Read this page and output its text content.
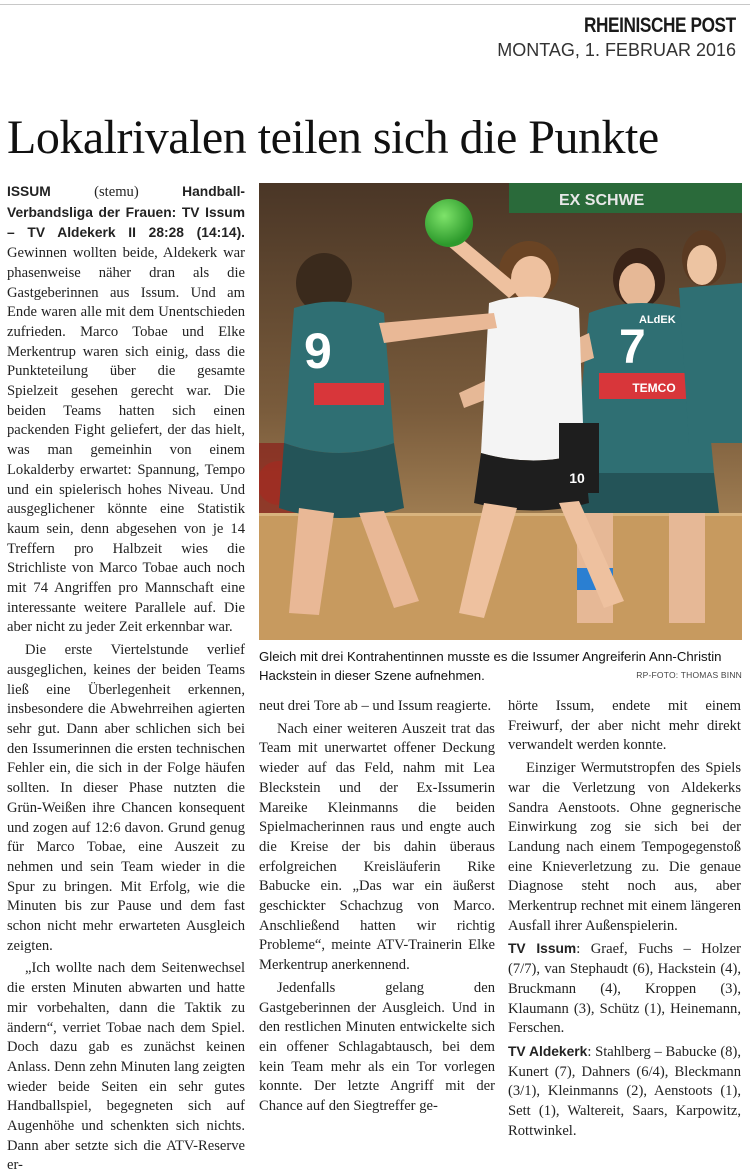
RHEINISCHE POST
MONTAG, 1. FEBRUAR 2016
Lokalrivalen teilen sich die Punkte

ISSUM (stemu) Handball-Verbandsliga der Frauen: TV Issum – TV Aldekerk II 28:28 (14:14). Gewinnen wollten beide, Aldekerk war phasenweise näher dran als die Gastgeberinnen aus Issum. Und am Ende waren alle mit dem Unentschieden zufrieden. Marco Tobae und Elke Merkentrup waren sich einig, dass die Punkteteilung über die gesamte Spielzeit gesehen gerecht war. Die beiden Teams hatten sich einen packenden Fight geliefert, der das hielt, was man gemeinhin von einem Lokalderby erwartet: Spannung, Tempo und ein spielerisch hohes Niveau. Und ausgeglichener könnte eine Statistik kaum sein, denn abgesehen von je 14 Treffern pro Halbzeit wies die Strichliste von Marco Tobae auch noch mit 74 Angriffen pro Mannschaft eine interessante weitere Parallele auf. Die aber nicht zu jeder Zeit erkennbar war.

Die erste Viertelstunde verlief ausgeglichen, keines der beiden Teams ließ eine Überlegenheit erkennen, insbesondere die Abwehrreihen agierten sehr gut. Dann aber schlichen sich bei den Issumerinnen die ersten technischen Fehler ein, die sich in der Folge häufen sollten. In dieser Phase nutzten die Grün-Weißen ihre Chancen konsequent und zogen auf 12:6 davon. Grund genug für Marco Tobae, eine Auszeit zu nehmen und sein Team wieder in die Spur zu bringen. Mit Erfolg, wie die Minuten bis zur Pause und dem fast schon nicht mehr erwarteten Ausgleich zeigten.

„Ich wollte nach dem Seitenwechsel die ersten Minuten abwarten und hatte mir vorbehalten, dann die Taktik zu ändern“, verriet Tobae nach dem Spiel. Doch dazu gab es zunächst keinen Anlass. Denn zehn Minuten lang zeigten wieder beide Seiten ein sehr gutes Handballspiel, begegneten sich auf Augenhöhe und schenkten sich nichts. Dann aber setzte sich die ATV-Reserve er-

EX SCHWE
TEMCO
7
ALdEK
9
10
Gleich mit drei Kontrahentinnen musste es die Issumer Angreiferin Ann-Christin Hackstein in dieser Szene aufnehmen.	RP-FOTO: THOMAS BINN

neut drei Tore ab – und Issum reagierte.

Nach einer weiteren Auszeit trat das Team mit unerwartet offener Deckung wieder auf das Feld, nahm mit Lea Bleckstein und der Ex-Issumerin Mareike Kleinmanns die beiden Spielmacherinnen raus und engte auch die Kreise der bis dahin überaus erfolgreichen Kreisläuferin Rike Babucke ein. „Das war ein äußerst geschickter Schachzug von Marco. Anschließend hatten wir richtig Probleme“, meinte ATV-Trainerin Elke Merkentrup anerkennend.

Jedenfalls gelang den Gastgeberinnen der Ausgleich. Und in den restlichen Minuten entwickelte sich ein offener Schlagabtausch, bei dem kein Team mehr als ein Tor vorlegen konnte. Der letzte Angriff mit der Chance auf den Siegtreffer ge-

hörte Issum, endete mit einem Freiwurf, der aber nicht mehr direkt verwandelt werden konnte.

Einziger Wermutstropfen des Spiels war die Verletzung von Aldekerks Sandra Aenstoots. Ohne gegnerische Einwirkung zog sie sich bei der Landung nach einem Tempogegenstoß eine Knieverletzung zu. Die genaue Diagnose steht noch aus, aber Merkentrup rechnet mit einem längeren Ausfall ihrer Außenspielerin.

TV Issum: Graef, Fuchs – Holzer (7/7), van Stephaudt (6), Hackstein (4), Bruckmann (4), Kroppen (3), Klaumann (3), Schütz (1), Heinemann, Ferschen.

TV Aldekerk: Stahlberg – Babucke (8), Kunert (7), Dahners (6/4), Bleckmann (3/1), Kleinmanns (2), Aenstoots (1), Sett (1), Waltereit, Saars, Karpowitz, Rottwinkel.
